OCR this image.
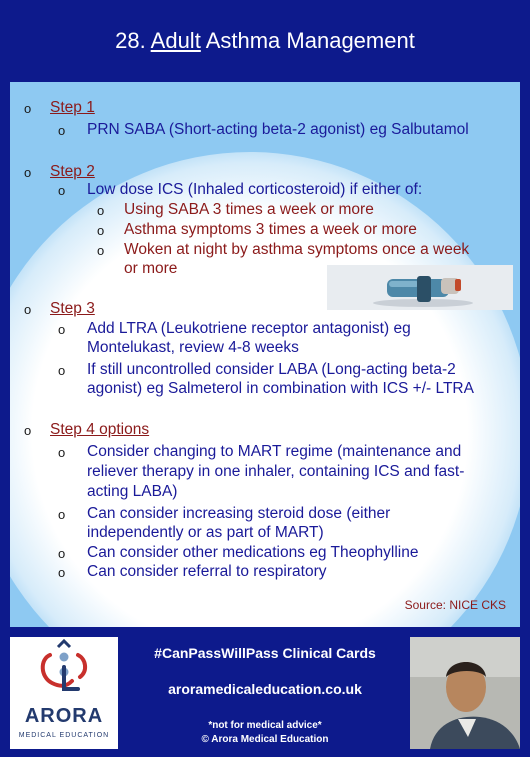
28. Adult Asthma Management
o Step 1
o PRN SABA (Short-acting beta-2 agonist) eg Salbutamol
o Step 2
o Low dose ICS (Inhaled corticosteroid) if either of:
o Using SABA 3 times a week or more
o Asthma symptoms 3 times a week or more
o Woken at night by asthma symptoms once a week
or more
o Step 3
o Add LTRA (Leukotriene receptor antagonist) eg
Montelukast, review 4-8 weeks
o If still uncontrolled consider LABA (Long-acting beta-2
agonist) eg Salmeterol in combination with ICS +/- LTRA
o Step 4 options
o Consider changing to MART regime (maintenance and
reliever therapy in one inhaler, containing ICS and fast-
acting LABA)
o Can consider increasing steroid dose (either
independently or as part of MART)
o Can consider other medications eg Theophylline
o Can consider referral to respiratory
Source: NICE CKS
ARORA
MEDICAL EDUCATION
#CanPassWillPass Clinical Cards
aroramedicaleducation.co.uk
*not for medical advice*
© Arora Medical Education
